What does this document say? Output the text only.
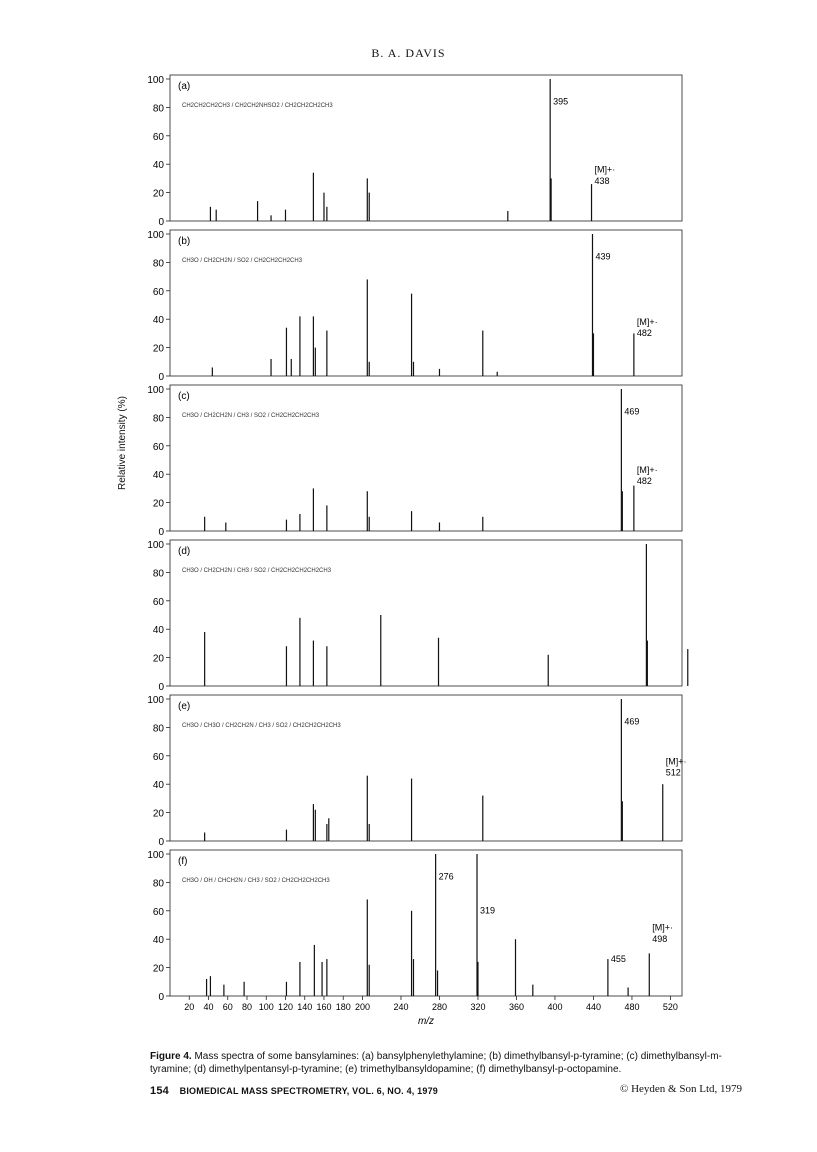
B. A. DAVIS
0
20
40
60
80
100
(a)
CH2CH2CH2CH3 / CH2CH2NHSO2 / CH2CH2CH2CH3	395
[M]+·
438
0
20
40
60
80
100
(b)
CH3O / CH2CH2N / SO2 / CH2CH2CH2CH3	439
[M]+·
482
0
20
40
60
80
100
(c)
CH3O / CH2CH2N / CH3 / SO2 / CH2CH2CH2CH3	469
[M]+·
482
0
20
40
60
80
100
(d)
CH3O / CH2CH2N / CH3 / SO2 / CH2CH2CH2CH2CH3
0
20
40
60
80
100
(e)
CH3O / CH3O / CH2CH2N / CH3 / SO2 / CH2CH2CH2CH3	469
[M]+·
512
0
20
40
60
80
100
(f)
CH3O / OH / CHCH2N / CH3 / SO2 / CH2CH2CH2CH3	276
319
455
[M]+·
498
20 40 60 80 100 120 140 160 180 200	240	280	320	360	400	440	480	520
m/z
Relative intensity (%)
Figure 4. Mass spectra of some bansylamines: (a) bansylphenylethylamine; (b) dimethylbansyl-p-tyramine; (c) dimethylbansyl-m-tyramine; (d) dimethylpentansyl-p-tyramine; (e) trimethylbansyldopamine; (f) dimethylbansyl-p-octopamine.
154 BIOMEDICAL MASS SPECTROMETRY, VOL. 6, NO. 4, 1979	© Heyden & Son Ltd, 1979
